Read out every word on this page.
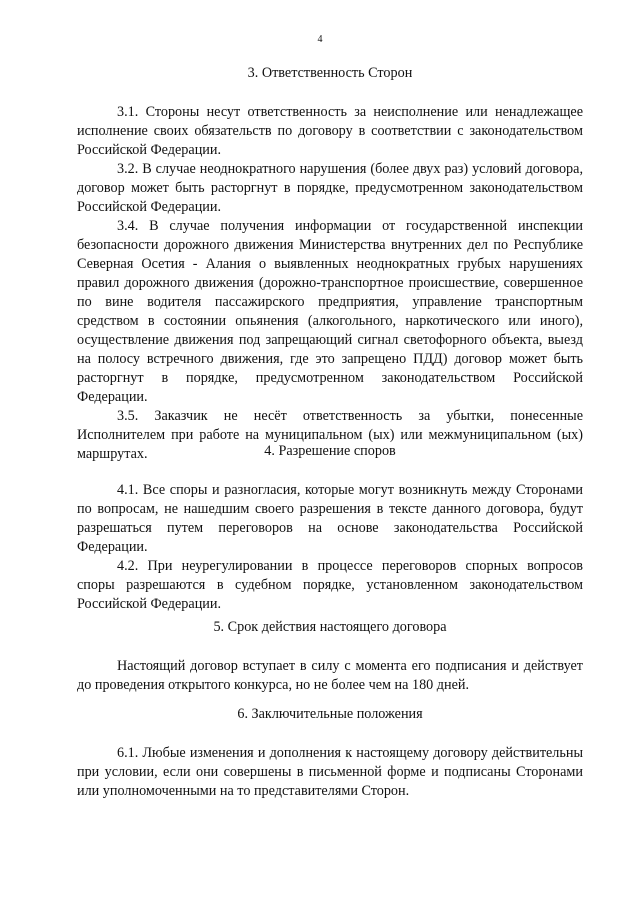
4
3. Ответственность Сторон

3.1. Стороны несут ответственность за неисполнение или ненадлежащее исполнение своих обязательств по договору в соответствии с законодательством Российской Федерации.

3.2. В случае неоднократного нарушения (более двух раз) условий договора, договор может быть расторгнут в порядке, предусмотренном законодательством Российской Федерации.

3.4. В случае получения информации от государственной инспекции безопасности дорожного движения Министерства внутренних дел по Республике Северная Осетия - Алания о выявленных неоднократных грубых нарушениях правил дорожного движения (дорожно-транспортное происшествие, совершенное по вине водителя пассажирского предприятия, управление транспортным средством в состоянии опьянения (алкогольного, наркотического или иного), осуществление движения под запрещающий сигнал светофорного объекта, выезд на полосу встречного движения, где это запрещено ПДД) договор может быть расторгнут в порядке, предусмотренном законодательством Российской Федерации.

3.5. Заказчик не несёт ответственность за убытки, понесенные Исполнителем при работе на муниципальном (ых) или межмуниципальном (ых) маршрутах.	4. Разрешение споров

4.1. Все споры и разногласия, которые могут возникнуть между Сторонами по вопросам, не нашедшим своего разрешения в тексте данного договора, будут разрешаться путем переговоров на основе законодательства Российской Федерации.

4.2. При неурегулировании в процессе переговоров спорных вопросов споры разрешаются в судебном порядке, установленном законодательством Российской Федерации.

5. Срок действия настоящего договора

Настоящий договор вступает в силу с момента его подписания и действует до проведения открытого конкурса, но не более чем на 180 дней.

6. Заключительные положения

6.1. Любые изменения и дополнения к настоящему договору действительны при условии, если они совершены в письменной форме и подписаны Сторонами или уполномоченными на то представителями Сторон.
